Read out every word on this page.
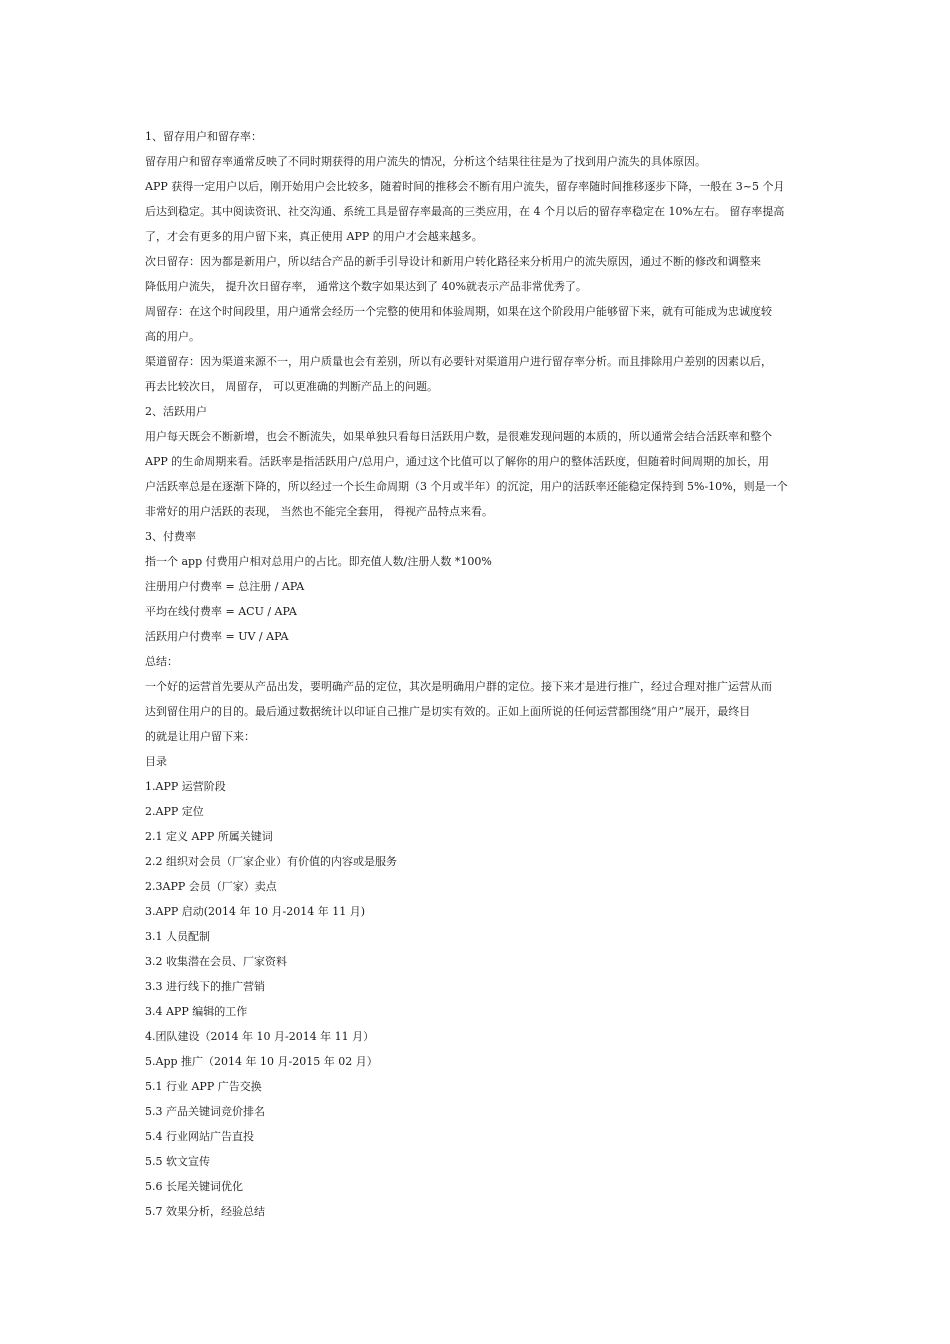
1、留存用户和留存率：
留存用户和留存率通常反映了不同时期获得的用户流失的情况，分析这个结果往往是为了找到用户流失的具体原因。
APP 获得一定用户以后，刚开始用户会比较多，随着时间的推移会不断有用户流失，留存率随时间推移逐步下降，一般在 3~5 个月
后达到稳定。其中阅读资讯、社交沟通、系统工具是留存率最高的三类应用，在 4 个月以后的留存率稳定在 10%左右。 留存率提高
了，才会有更多的用户留下来，真正使用 APP 的用户才会越来越多。
次日留存：因为都是新用户，所以结合产品的新手引导设计和新用户转化路径来分析用户的流失原因，通过不断的修改和调整来
降低用户流失， 提升次日留存率， 通常这个数字如果达到了 40%就表示产品非常优秀了。
周留存：在这个时间段里，用户通常会经历一个完整的使用和体验周期，如果在这个阶段用户能够留下来，就有可能成为忠诚度较
高的用户。
渠道留存：因为渠道来源不一，用户质量也会有差别，所以有必要针对渠道用户进行留存率分析。而且排除用户差别的因素以后，
再去比较次日， 周留存， 可以更准确的判断产品上的问题。
2、活跃用户
用户每天既会不断新增，也会不断流失，如果单独只看每日活跃用户数，是很难发现问题的本质的，所以通常会结合活跃率和整个
APP 的生命周期来看。活跃率是指活跃用户/总用户，通过这个比值可以了解你的用户的整体活跃度，但随着时间周期的加长，用
户活跃率总是在逐渐下降的，所以经过一个长生命周期（3 个月或半年）的沉淀，用户的活跃率还能稳定保持到 5%-10%，则是一个
非常好的用户活跃的表现， 当然也不能完全套用， 得视产品特点来看。
3、付费率
指一个 app 付费用户相对总用户的占比。即充值人数/注册人数 *100%
注册用户付费率 = 总注册 / APA
平均在线付费率 = ACU / APA
活跃用户付费率 = UV / APA
总结：
一个好的运营首先要从产品出发，要明确产品的定位，其次是明确用户群的定位。接下来才是进行推广，经过合理对推广运营从而
达到留住用户的目的。最后通过数据统计以印证自己推广是切实有效的。正如上面所说的任何运营都围绕“用户”展开，最终目
的就是让用户留下来：
目录
1.APP 运营阶段
2.APP 定位
2.1 定义 APP 所属关键词
2.2 组织对会员（厂家企业）有价值的内容或是服务
2.3APP 会员（厂家）卖点
3.APP 启动(2014 年 10 月-2014 年 11 月)
3.1 人员配制
3.2 收集潜在会员、厂家资料
3.3 进行线下的推广营销
3.4 APP 编辑的工作
4.团队建设（2014 年 10 月-2014 年 11 月）
5.App 推广（2014 年 10 月-2015 年 02 月）
5.1 行业 APP 广告交换
5.3 产品关键词竞价排名
5.4 行业网站广告直投
5.5 软文宣传
5.6 长尾关键词优化
5.7 效果分析，经验总结
